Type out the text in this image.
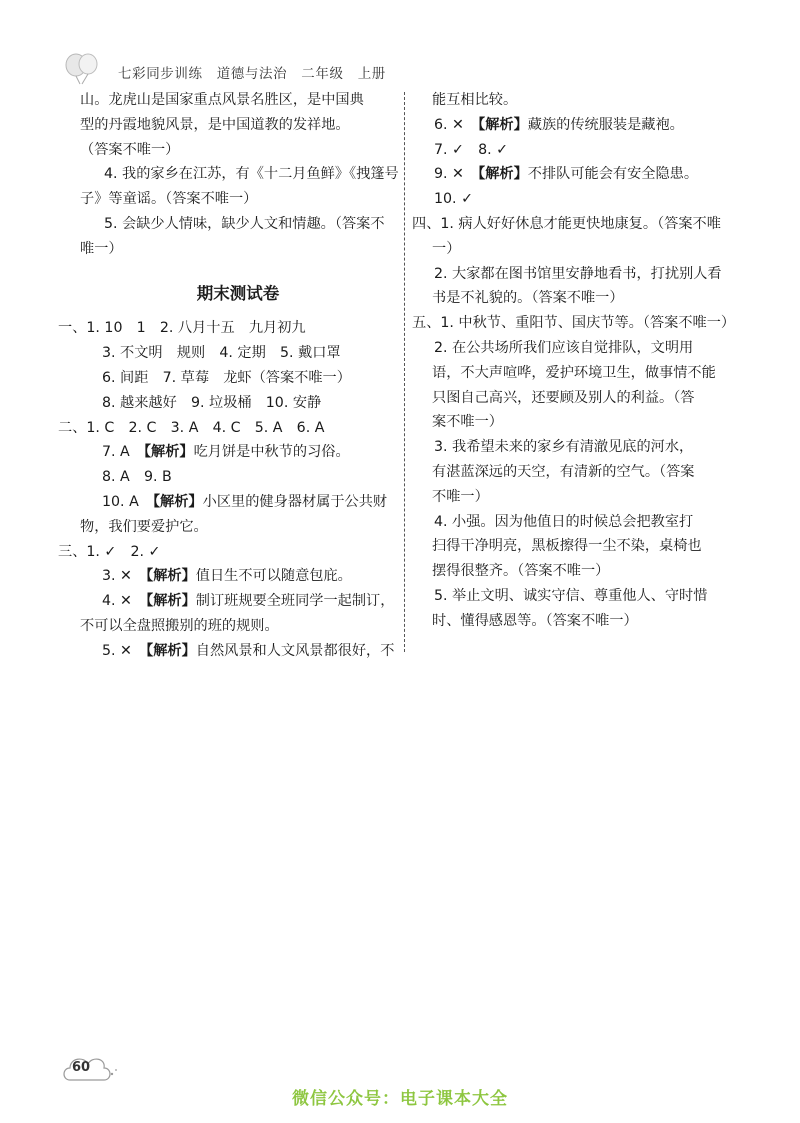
七彩同步训练　道德与法治　二年级　上册
山。龙虎山是国家重点风景名胜区，是中国典
型的丹霞地貌风景，是中国道教的发祥地。
（答案不唯一）
4. 我的家乡在江苏，有《十二月鱼鲜》《拽篷号
子》等童谣。（答案不唯一）
5. 会缺少人情味，缺少人文和情趣。（答案不
唯一）
期末测试卷
一、1. 10　1　2. 八月十五　九月初九
3. 不文明　规则　4. 定期　5. 戴口罩
6. 间距　7. 草莓　龙虾（答案不唯一）
8. 越来越好　9. 垃圾桶　10. 安静
二、1. C　2. C　3. A　4. C　5. A　6. A
7. A　【解析】吃月饼是中秋节的习俗。
8. A　9. B
10. A　【解析】小区里的健身器材属于公共财
物，我们要爱护它。
三、1. ✓　2. ✓
3. ✕　【解析】值日生不可以随意包庇。
4. ✕　【解析】制订班规要全班同学一起制订，
不可以全盘照搬别的班的规则。
5. ✕　【解析】自然风景和人文风景都很好，不
能互相比较。
6. ✕　【解析】藏族的传统服装是藏袍。
7. ✓　8. ✓
9. ✕　【解析】不排队可能会有安全隐患。
10. ✓
四、1. 病人好好休息才能更快地康复。（答案不唯
一）
2. 大家都在图书馆里安静地看书，打扰别人看
书是不礼貌的。（答案不唯一）
五、1. 中秋节、重阳节、国庆节等。（答案不唯一）
2. 在公共场所我们应该自觉排队，文明用
语，不大声喧哗，爱护环境卫生，做事情不能
只图自己高兴，还要顾及别人的利益。（答
案不唯一）
3. 我希望未来的家乡有清澈见底的河水，
有湛蓝深远的天空，有清新的空气。（答案
不唯一）
4. 小强。因为他值日的时候总会把教室打
扫得干净明亮，黑板擦得一尘不染，桌椅也
摆得很整齐。（答案不唯一）
5. 举止文明、诚实守信、尊重他人、守时惜
时、懂得感恩等。（答案不唯一）
60
微信公众号：电子课本大全
